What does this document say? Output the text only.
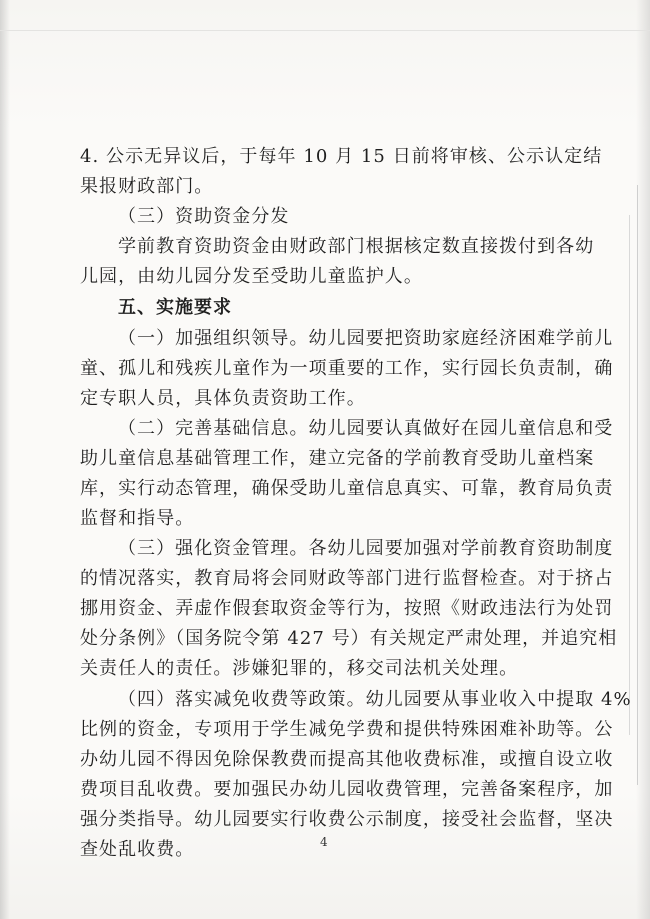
4. 公示无异议后，于每年 10 月 15 日前将审核、公示认定结

果报财政部门。

（三）资助资金分发

学前教育资助资金由财政部门根据核定数直接拨付到各幼

儿园，由幼儿园分发至受助儿童监护人。

五、实施要求

（一）加强组织领导。幼儿园要把资助家庭经济困难学前儿

童、孤儿和残疾儿童作为一项重要的工作，实行园长负责制，确

定专职人员，具体负责资助工作。

（二）完善基础信息。幼儿园要认真做好在园儿童信息和受

助儿童信息基础管理工作，建立完备的学前教育受助儿童档案

库，实行动态管理，确保受助儿童信息真实、可靠，教育局负责

监督和指导。

（三）强化资金管理。各幼儿园要加强对学前教育资助制度

的情况落实，教育局将会同财政等部门进行监督检查。对于挤占

挪用资金、弄虚作假套取资金等行为，按照《财政违法行为处罚

处分条例》（国务院令第 427 号）有关规定严肃处理，并追究相

关责任人的责任。涉嫌犯罪的，移交司法机关处理。

（四）落实减免收费等政策。幼儿园要从事业收入中提取 4%

比例的资金，专项用于学生减免学费和提供特殊困难补助等。公

办幼儿园不得因免除保教费而提高其他收费标准，或擅自设立收

费项目乱收费。要加强民办幼儿园收费管理，完善备案程序，加

强分类指导。幼儿园要实行收费公示制度，接受社会监督，坚决

查处乱收费。	4
